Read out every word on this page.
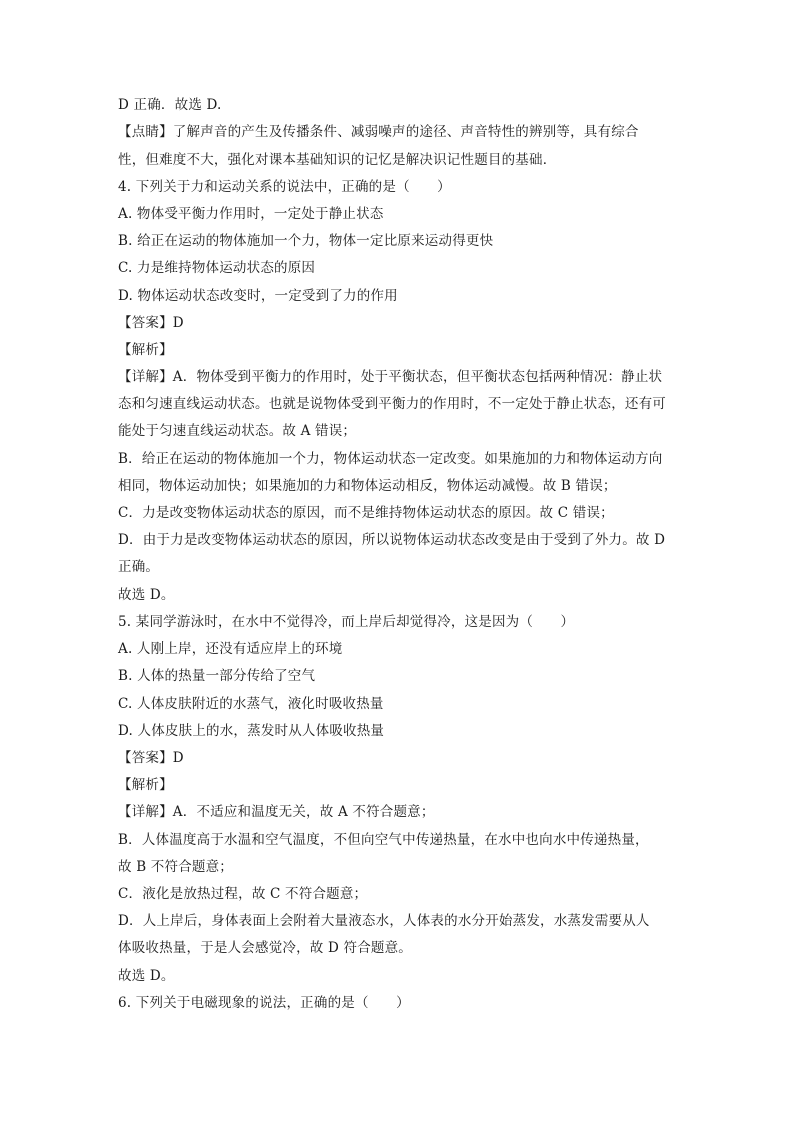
D 正确．故选 D.
【点睛】了解声音的产生及传播条件、减弱噪声的途径、声音特性的辨别等，具有综合
性，但难度不大，强化对课本基础知识的记忆是解决识记性题目的基础．
4. 下列关于力和运动关系的说法中，正确的是（　　）
A. 物体受平衡力作用时，一定处于静止状态
B. 给正在运动的物体施加一个力，物体一定比原来运动得更快
C. 力是维持物体运动状态的原因
D. 物体运动状态改变时，一定受到了力的作用
【答案】D
【解析】
【详解】A．物体受到平衡力的作用时，处于平衡状态，但平衡状态包括两种情况：静止状
态和匀速直线运动状态。也就是说物体受到平衡力的作用时，不一定处于静止状态，还有可
能处于匀速直线运动状态。故 A 错误；
B．给正在运动的物体施加一个力，物体运动状态一定改变。如果施加的力和物体运动方向
相同，物体运动加快；如果施加的力和物体运动相反，物体运动减慢。故 B 错误；
C．力是改变物体运动状态的原因，而不是维持物体运动状态的原因。故 C 错误；
D．由于力是改变物体运动状态的原因，所以说物体运动状态改变是由于受到了外力。故 D
正确。
故选 D。
5. 某同学游泳时，在水中不觉得冷，而上岸后却觉得冷，这是因为（　　）
A. 人刚上岸，还没有适应岸上的环境
B. 人体的热量一部分传给了空气
C. 人体皮肤附近的水蒸气，液化时吸收热量
D. 人体皮肤上的水，蒸发时从人体吸收热量
【答案】D
【解析】
【详解】A．不适应和温度无关，故 A 不符合题意；
B．人体温度高于水温和空气温度，不但向空气中传递热量，在水中也向水中传递热量，
故 B 不符合题意；
C．液化是放热过程，故 C 不符合题意；
D．人上岸后，身体表面上会附着大量液态水，人体表的水分开始蒸发，水蒸发需要从人
体吸收热量，于是人会感觉冷，故 D 符合题意。
故选 D。
6. 下列关于电磁现象的说法，正确的是（　　）
